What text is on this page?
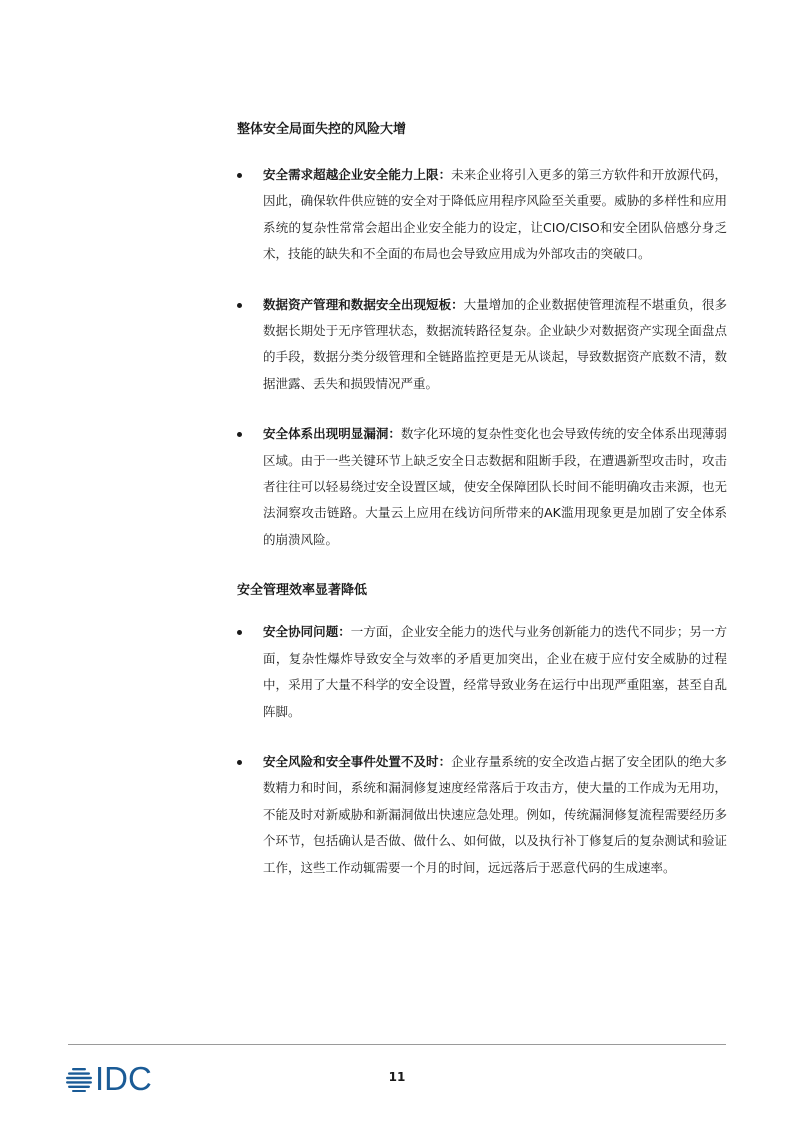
整体安全局面失控的风险大增
安全需求超越企业安全能力上限：未来企业将引入更多的第三方软件和开放源代码，因此，确保软件供应链的安全对于降低应用程序风险至关重要。威胁的多样性和应用系统的复杂性常常会超出企业安全能力的设定，让CIO/CISO和安全团队倍感分身乏术，技能的缺失和不全面的布局也会导致应用成为外部攻击的突破口。
数据资产管理和数据安全出现短板：大量增加的企业数据使管理流程不堪重负，很多数据长期处于无序管理状态，数据流转路径复杂。企业缺少对数据资产实现全面盘点的手段，数据分类分级管理和全链路监控更是无从谈起，导致数据资产底数不清，数据泄露、丢失和损毁情况严重。
安全体系出现明显漏洞：数字化环境的复杂性变化也会导致传统的安全体系出现薄弱区域。由于一些关键环节上缺乏安全日志数据和阻断手段，在遭遇新型攻击时，攻击者往往可以轻易绕过安全设置区域，使安全保障团队长时间不能明确攻击来源，也无法洞察攻击链路。大量云上应用在线访问所带来的AK滥用现象更是加剧了安全体系的崩溃风险。
安全管理效率显著降低
安全协同问题：一方面，企业安全能力的迭代与业务创新能力的迭代不同步；另一方面，复杂性爆炸导致安全与效率的矛盾更加突出，企业在疲于应付安全威胁的过程中，采用了大量不科学的安全设置，经常导致业务在运行中出现严重阻塞，甚至自乱阵脚。
安全风险和安全事件处置不及时：企业存量系统的安全改造占据了安全团队的绝大多数精力和时间，系统和漏洞修复速度经常落后于攻击方，使大量的工作成为无用功，不能及时对新威胁和新漏洞做出快速应急处理。例如，传统漏洞修复流程需要经历多个环节，包括确认是否做、做什么、如何做，以及执行补丁修复后的复杂测试和验证工作，这些工作动辄需要一个月的时间，远远落后于恶意代码的生成速率。
IDC	11
